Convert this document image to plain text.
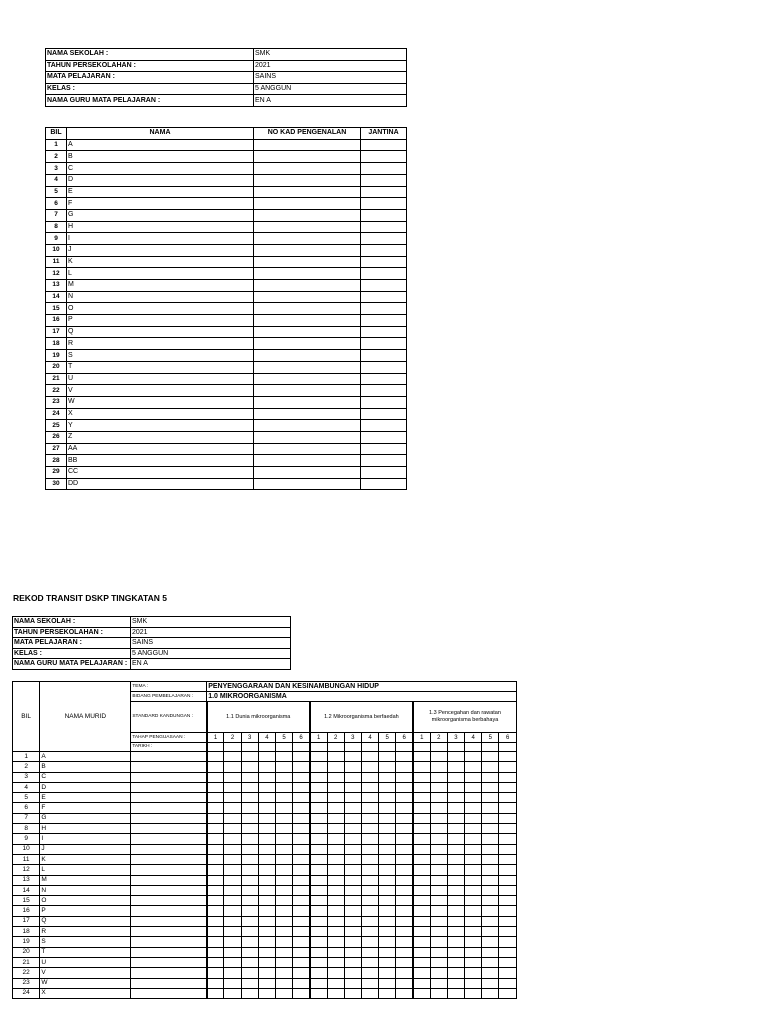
NAMA SEKOLAH :	SMK
TAHUN PERSEKOLAHAN :	2021
MATA PELAJARAN :	SAINS
KELAS :	5 ANGGUN
NAMA GURU MATA PELAJARAN :	EN A
BIL	NAMA	NO KAD PENGENALAN	JANTINA
1	A		
2	B		
3	C		
4	D		
5	E		
6	F		
7	G		
8	H		
9	I		
10	J		
11	K		
12	L		
13	M		
14	N		
15	O		
16	P		
17	Q		
18	R		
19	S		
20	T		
21	U		
22	V		
23	W		
24	X		
25	Y		
26	Z		
27	AA		
28	BB		
29	CC		
30	DD		
REKOD TRANSIT DSKP TINGKATAN 5
NAMA SEKOLAH :	SMK
TAHUN PERSEKOLAHAN :	2021
MATA PELAJARAN :	SAINS
KELAS :	5 ANGGUN
NAMA GURU MATA PELAJARAN :	EN A
BIL	NAMA MURID	TEMA :	PENYENGGARAAN DAN KESINAMBUNGAN HIDUP																	
		BIDANG PEMBELAJARAN :	1.0 MIKROORGANISMA																	
		STANDARD KANDUNGAN :	1.1 Dunia mikroorganisma						1.2 Mikroorganisma berfaedah						1.3 Pencegahan dan rawatan mikroorganisma berbahaya					
		TAHAP PENGUASAAN :	1	2	3	4	5	6	1	2	3	4	5	6	1	2	3	4	5	6
		TARIKH :																		
1	A																			
2	B																			
3	C																			
4	D																			
5	E																			
6	F																			
7	G																			
8	H																			
9	I																			
10	J																			
11	K																			
12	L																			
13	M																			
14	N																			
15	O																			
16	P																			
17	Q																			
18	R																			
19	S																			
20	T																			
21	U																			
22	V																			
23	W																			
24	X																			
